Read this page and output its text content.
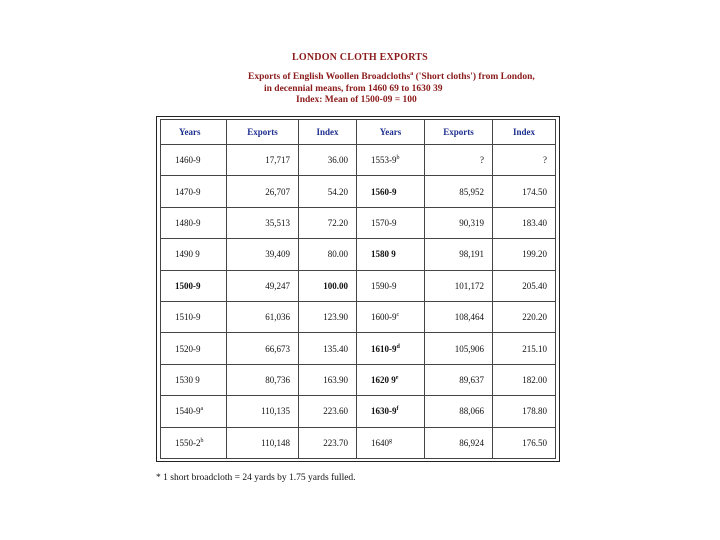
LONDON CLOTH EXPORTS
Exports of English Woollen Broadcloths$^a$ ('Short cloths') from London,
in decennial means, from 1460 69 to 1630 39
Index: Mean of 1500-09 = 100
Years	Exports	Index	Years	Exports	Index
1460-9	17,717	36.00	1553-9$^b$	?	?
1470-9	26,707	54.20	1560-9	85,952	174.50
1480-9	35,513	72.20	1570-9	90,319	183.40
1490 9	39,409	80.00	1580 9	98,191	199.20
1500-9	49,247	100.00	1590-9	101,172	205.40
1510-9	61,036	123.90	1600-9$^c$	108,464	220.20
1520-9	66,673	135.40	1610-9$^d$	105,906	215.10
1530 9	80,736	163.90	1620 9e	89,637	182.00
1540-9$^a$	110,135	223.60	1630-9$^f$	88,066	178.80
1550-2$^b$	110,148	223.70	1640$^g$	86,924	176.50
* 1 short broadcloth = 24 yards by 1.75 yards fulled.
